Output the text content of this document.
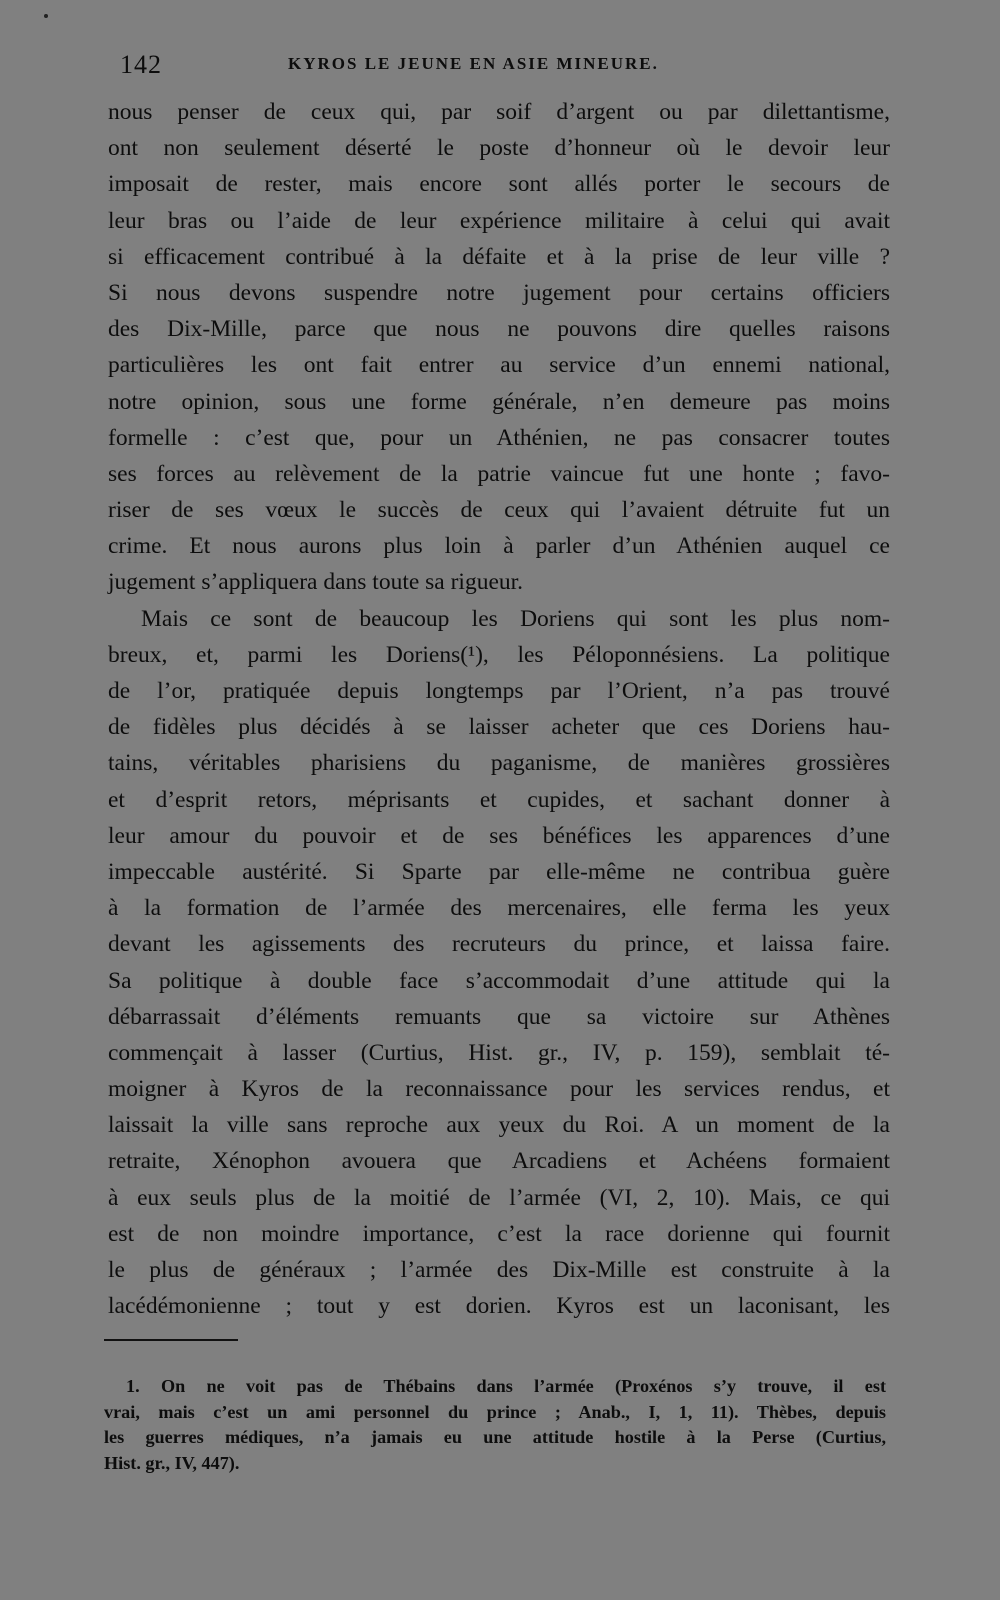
142	KYROS LE JEUNE EN ASIE MINEURE.
nous penser de ceux qui, par soif d’argent ou par dilettantisme,
ont non seulement déserté le poste d’honneur où le devoir leur
imposait de rester, mais encore sont allés porter le secours de
leur bras ou l’aide de leur expérience militaire à celui qui avait
si efficacement contribué à la défaite et à la prise de leur ville ?
Si nous devons suspendre notre jugement pour certains officiers
des Dix-Mille, parce que nous ne pouvons dire quelles raisons
particulières les ont fait entrer au service d’un ennemi national,
notre opinion, sous une forme générale, n’en demeure pas moins
formelle : c’est que, pour un Athénien, ne pas consacrer toutes
ses forces au relèvement de la patrie vaincue fut une honte ; favo-
riser de ses vœux le succès de ceux qui l’avaient détruite fut un
crime. Et nous aurons plus loin à parler d’un Athénien auquel ce
jugement s’appliquera dans toute sa rigueur.
Mais ce sont de beaucoup les Doriens qui sont les plus nom-
breux, et, parmi les Doriens(¹), les Péloponnésiens. La politique
de l’or, pratiquée depuis longtemps par l’Orient, n’a pas trouvé
de fidèles plus décidés à se laisser acheter que ces Doriens hau-
tains, véritables pharisiens du paganisme, de manières grossières
et d’esprit retors, méprisants et cupides, et sachant donner à
leur amour du pouvoir et de ses bénéfices les apparences d’une
impeccable austérité. Si Sparte par elle-même ne contribua guère
à la formation de l’armée des mercenaires, elle ferma les yeux
devant les agissements des recruteurs du prince, et laissa faire.
Sa politique à double face s’accommodait d’une attitude qui la
débarrassait d’éléments remuants que sa victoire sur Athènes
commençait à lasser (Curtius, Hist. gr., IV, p. 159), semblait té-
moigner à Kyros de la reconnaissance pour les services rendus, et
laissait la ville sans reproche aux yeux du Roi. A un moment de la
retraite, Xénophon avouera que Arcadiens et Achéens formaient
à eux seuls plus de la moitié de l’armée (VI, 2, 10). Mais, ce qui
est de non moindre importance, c’est la race dorienne qui fournit
le plus de généraux ; l’armée des Dix-Mille est construite à la
lacédémonienne ; tout y est dorien. Kyros est un laconisant, les
1. On ne voit pas de Thébains dans l’armée (Proxénos s’y trouve, il est
vrai, mais c’est un ami personnel du prince ; Anab., I, 1, 11). Thèbes, depuis
les guerres médiques, n’a jamais eu une attitude hostile à la Perse (Curtius,
Hist. gr., IV, 447).
